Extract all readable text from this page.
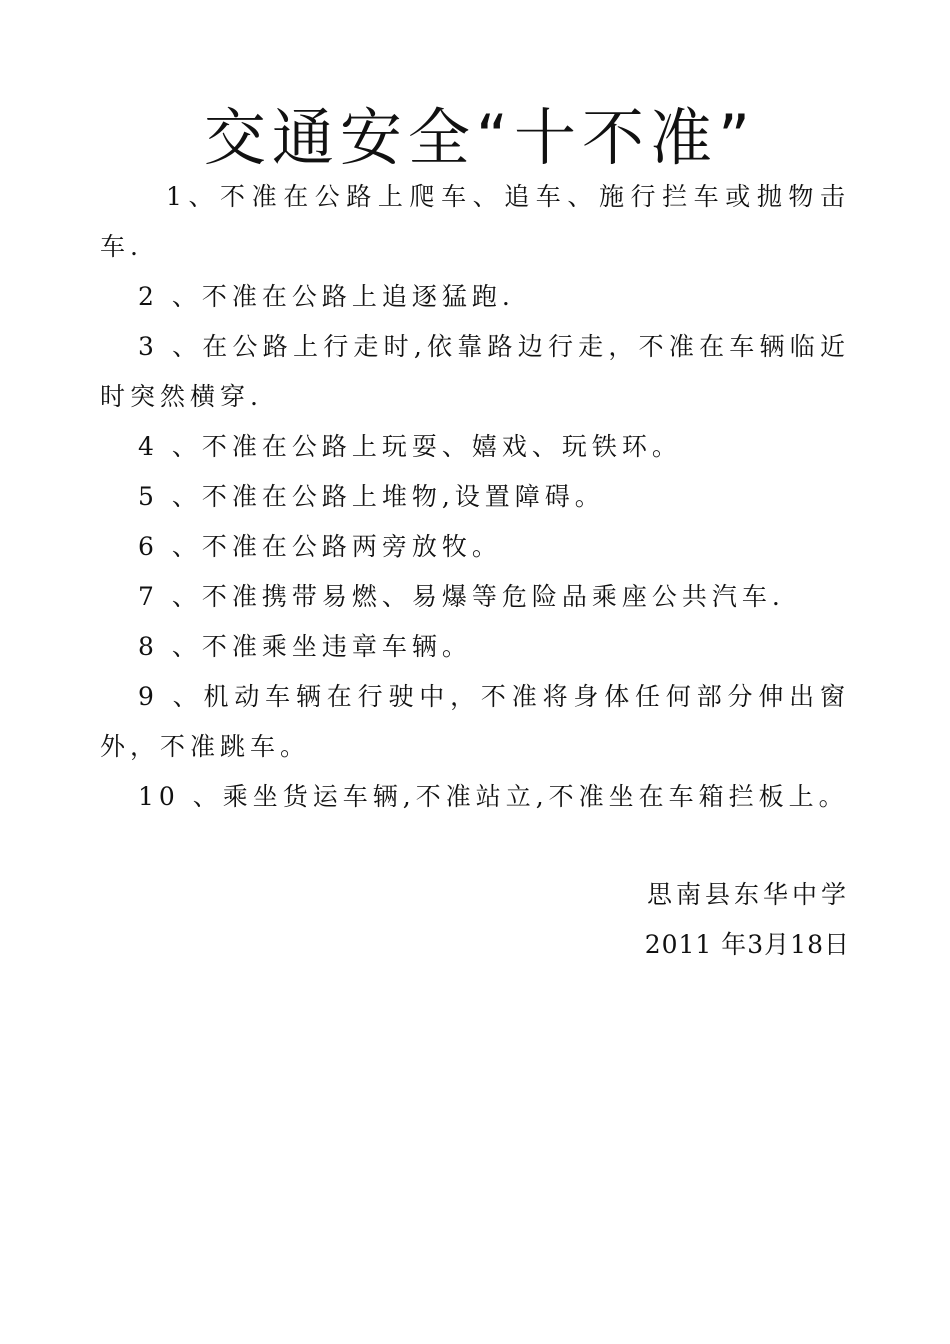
交通安全“十不准”
1、不准在公路上爬车、追车、施行拦车或抛物击车.
2 、不准在公路上追逐猛跑.
3 、在公路上行走时,依靠路边行走，不准在车辆临近时突然横穿.
4 、不准在公路上玩耍、嬉戏、玩铁环。
5 、不准在公路上堆物,设置障碍。
6 、不准在公路两旁放牧。
7 、不准携带易燃、易爆等危险品乘座公共汽车.
8 、不准乘坐违章车辆。
9 、机动车辆在行驶中，不准将身体任何部分伸出窗外，不准跳车。
10 、乘坐货运车辆,不准站立,不准坐在车箱拦板上。

思南县东华中学

2011 年3月18日
